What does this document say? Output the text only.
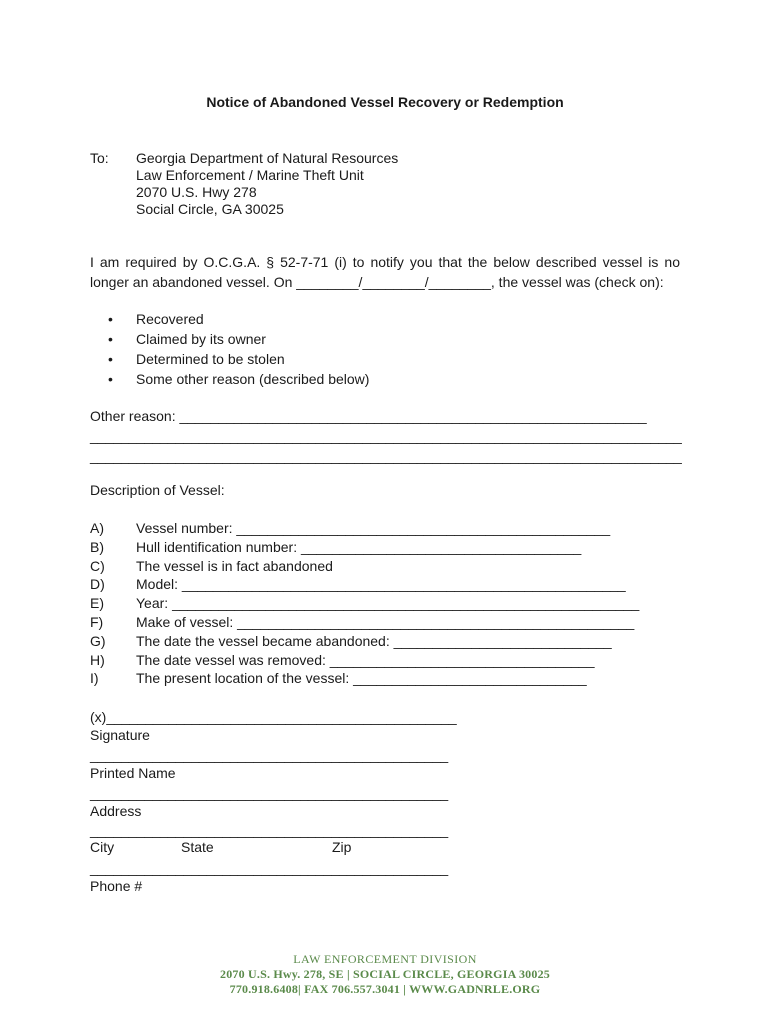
Notice of Abandoned Vessel Recovery or Redemption
To: Georgia Department of Natural Resources
Law Enforcement / Marine Theft Unit
2070 U.S. Hwy 278
Social Circle, GA 30025
I am required by O.C.G.A. § 52-7-71 (i) to notify you that the below described vessel is no
longer an abandoned vessel. On ________/________/________, the vessel was (check on):
•	Recovered
•	Claimed by its owner
•	Determined to be stolen
•	Some other reason (described below)
Other reason: ____________________________________________________________
____________________________________________________________________________
____________________________________________________________________________
Description of Vessel:
A)	Vessel number: ________________________________________________
B)	Hull identification number: ____________________________________
C)	The vessel is in fact abandoned
D)	Model: _________________________________________________________
E)	Year: ____________________________________________________________
F)	Make of vessel: ___________________________________________________
G)	The date the vessel became abandoned: ____________________________
H)	The date vessel was removed: __________________________________
I)	The present location of the vessel: ______________________________
(x)_____________________________________________
Signature
______________________________________________
Printed Name
______________________________________________
Address
______________________________________________
City	State	Zip
______________________________________________
Phone #
LAW ENFORCEMENT DIVISION
2070 U.S. Hwy. 278, SE | SOCIAL CIRCLE, GEORGIA 30025
770.918.6408| FAX 706.557.3041 | WWW.GADNRLE.ORG
